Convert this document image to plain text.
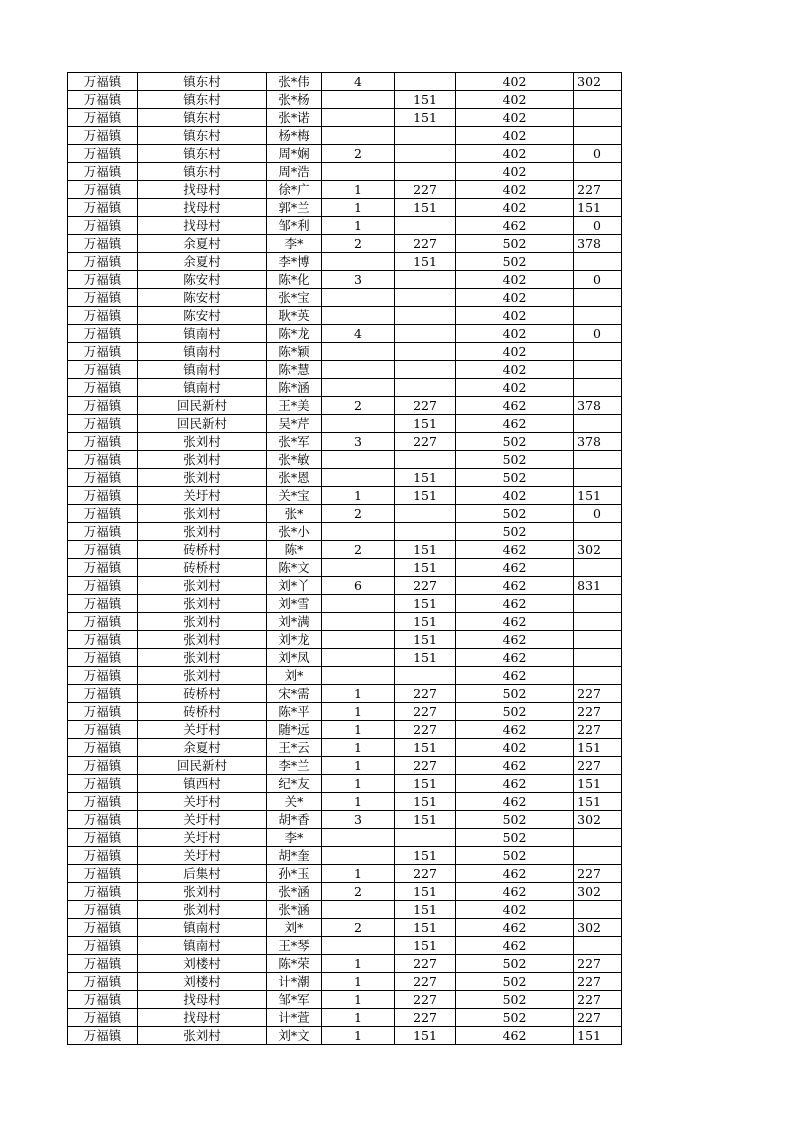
万福镇	镇东村	张*伟	4		402	302
万福镇	镇东村	张*杨		151	402	
万福镇	镇东村	张*诺		151	402	
万福镇	镇东村	杨*梅			402	
万福镇	镇东村	周*娴	2		402	0
万福镇	镇东村	周*浩			402	
万福镇	找母村	徐*广	1	227	402	227
万福镇	找母村	郭*兰	1	151	402	151
万福镇	找母村	邹*利	1		462	0
万福镇	余夏村	李*	2	227	502	378
万福镇	余夏村	李*博		151	502	
万福镇	陈安村	陈*化	3		402	0
万福镇	陈安村	张*宝			402	
万福镇	陈安村	耿*英			402	
万福镇	镇南村	陈*龙	4		402	0
万福镇	镇南村	陈*颖			402	
万福镇	镇南村	陈*慧			402	
万福镇	镇南村	陈*涵			402	
万福镇	回民新村	王*美	2	227	462	378
万福镇	回民新村	吴*芹		151	462	
万福镇	张刘村	张*军	3	227	502	378
万福镇	张刘村	张*敏			502	
万福镇	张刘村	张*恩		151	502	
万福镇	关圩村	关*宝	1	151	402	151
万福镇	张刘村	张*	2		502	0
万福镇	张刘村	张*小			502	
万福镇	砖桥村	陈*	2	151	462	302
万福镇	砖桥村	陈*文		151	462	
万福镇	张刘村	刘*丫	6	227	462	831
万福镇	张刘村	刘*雪		151	462	
万福镇	张刘村	刘*满		151	462	
万福镇	张刘村	刘*龙		151	462	
万福镇	张刘村	刘*凤		151	462	
万福镇	张刘村	刘*			462	
万福镇	砖桥村	宋*需	1	227	502	227
万福镇	砖桥村	陈*平	1	227	502	227
万福镇	关圩村	随*远	1	227	462	227
万福镇	余夏村	王*云	1	151	402	151
万福镇	回民新村	李*兰	1	227	462	227
万福镇	镇西村	纪*友	1	151	462	151
万福镇	关圩村	关*	1	151	462	151
万福镇	关圩村	胡*香	3	151	502	302
万福镇	关圩村	李*			502	
万福镇	关圩村	胡*奎		151	502	
万福镇	后集村	孙*玉	1	227	462	227
万福镇	张刘村	张*涵	2	151	462	302
万福镇	张刘村	张*涵		151	402	
万福镇	镇南村	刘*	2	151	462	302
万福镇	镇南村	王*琴		151	462	
万福镇	刘楼村	陈*荣	1	227	502	227
万福镇	刘楼村	计*潮	1	227	502	227
万福镇	找母村	邹*军	1	227	502	227
万福镇	找母村	计*萱	1	227	502	227
万福镇	张刘村	刘*文	1	151	462	151
